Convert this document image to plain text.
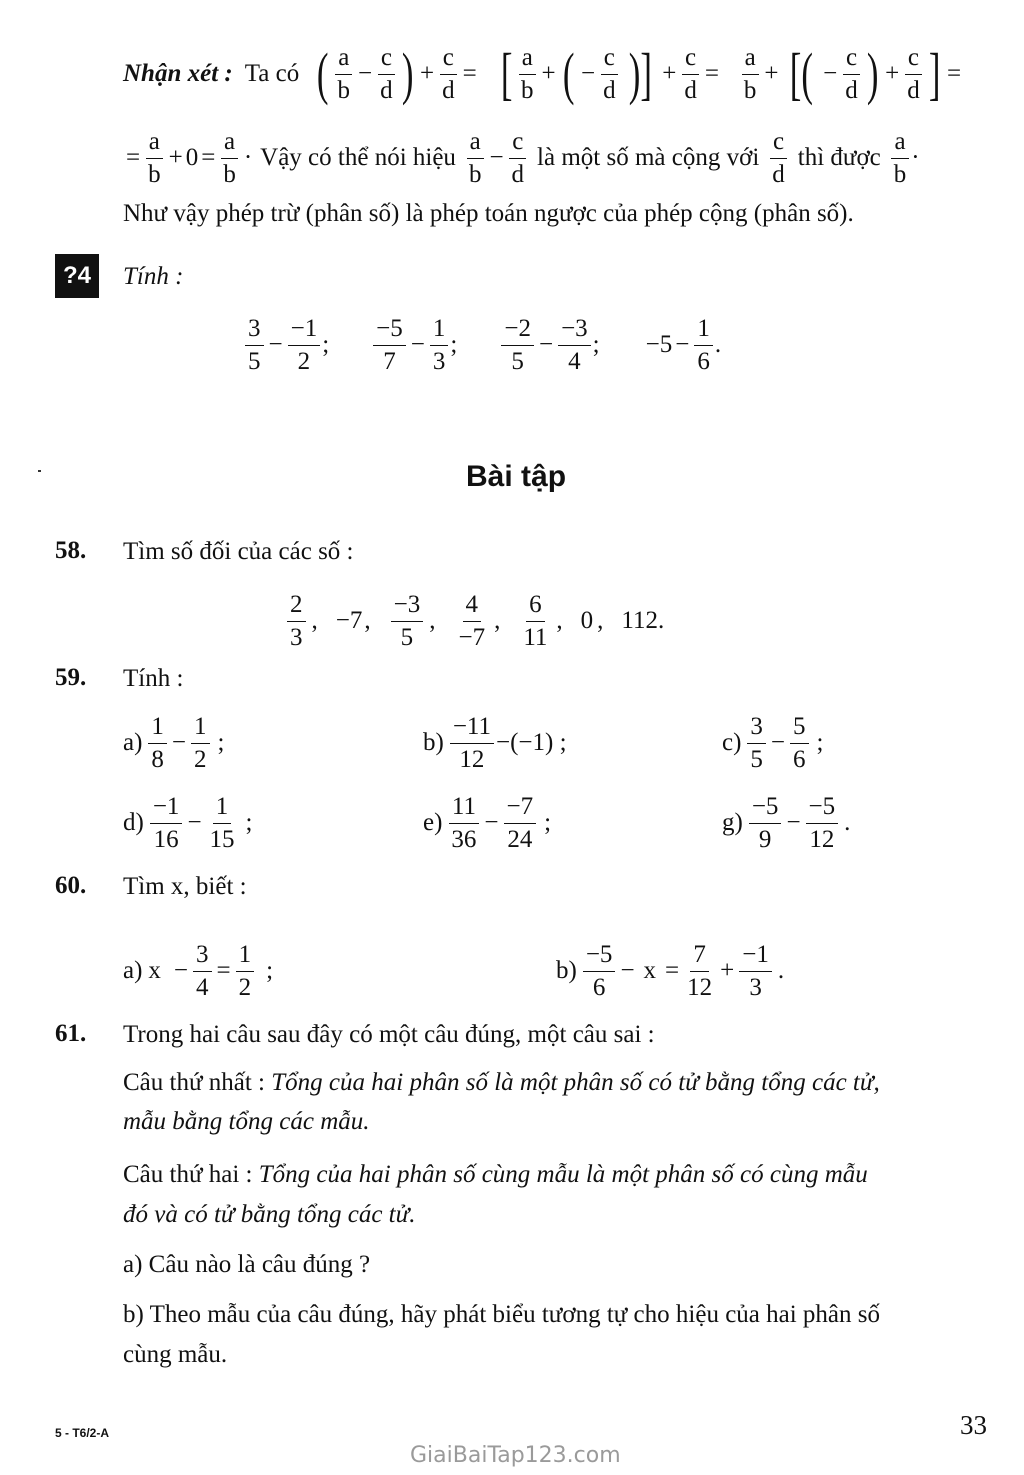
Nhận xét : Ta có ( $\frac{a}{b} - \frac{c}{d}$ ) + $\frac{c}{d}$ = [ $\frac{a}{b}$ + ( − $\frac{c}{d}$ )] + $\frac{c}{d} = \frac{a}{b}$ + [( − $\frac{c}{d}$ ) + $\frac{c}{d}$ ] =
= $\frac{a}{b} + 0 = \frac{a}{b}$ · Vậy có thể nói hiệu $\frac{a}{b} - \frac{c}{d}$ là một số mà cộng với $\frac{c}{d}$ thì được $\frac{a}{b}$ ·
Như vậy phép trừ (phân số) là phép toán ngược của phép cộng (phân số).
?4	Tính :
$\frac{3}{5} - \frac{-1}{2}$ ; $\frac{-5}{7} - \frac{1}{3}$ ; $\frac{-2}{5} - \frac{-3}{4}$ ; $-5 - \frac{1}{6}$ .
Bài tập
58. Tìm số đối của các số :
$\frac{2}{3}$ , −7 , $\frac{-3}{5}$ , $\frac{4}{-7}$ , $\frac{6}{11}$ , 0 , 112.
59. Tính :
$a) \frac{1}{8} - \frac{1}{2}$ ;	$b) \frac{-11}{12} -(-1)$ ;	$c) \frac{3}{5} - \frac{5}{6}$ ;
$d) \frac{-1}{16} - \frac{1}{15}$ ;	$e) \frac{11}{36} - \frac{-7}{24}$ ;	$g) \frac{-5}{9} - \frac{-5}{12}$ .
60. Tìm x, biết :
a) $x - \frac{3}{4} = \frac{1}{2}$ ;	$b) \frac{-5}{6} - x = \frac{7}{12} + \frac{-1}{3}$ .
61. Trong hai câu sau đây có một câu đúng, một câu sai :
Câu thứ nhất : Tổng của hai phân số là một phân số có tử bằng tổng các tử,
mẫu bằng tổng các mẫu.
Câu thứ hai : Tổng của hai phân số cùng mẫu là một phân số có cùng mẫu
đó và có tử bằng tổng các tử.
a) Câu nào là câu đúng ?
b) Theo mẫu của câu đúng, hãy phát biểu tương tự cho hiệu của hai phân số
cùng mẫu.
5 - T6/2-A	33
GiaiBaiTap123.com
